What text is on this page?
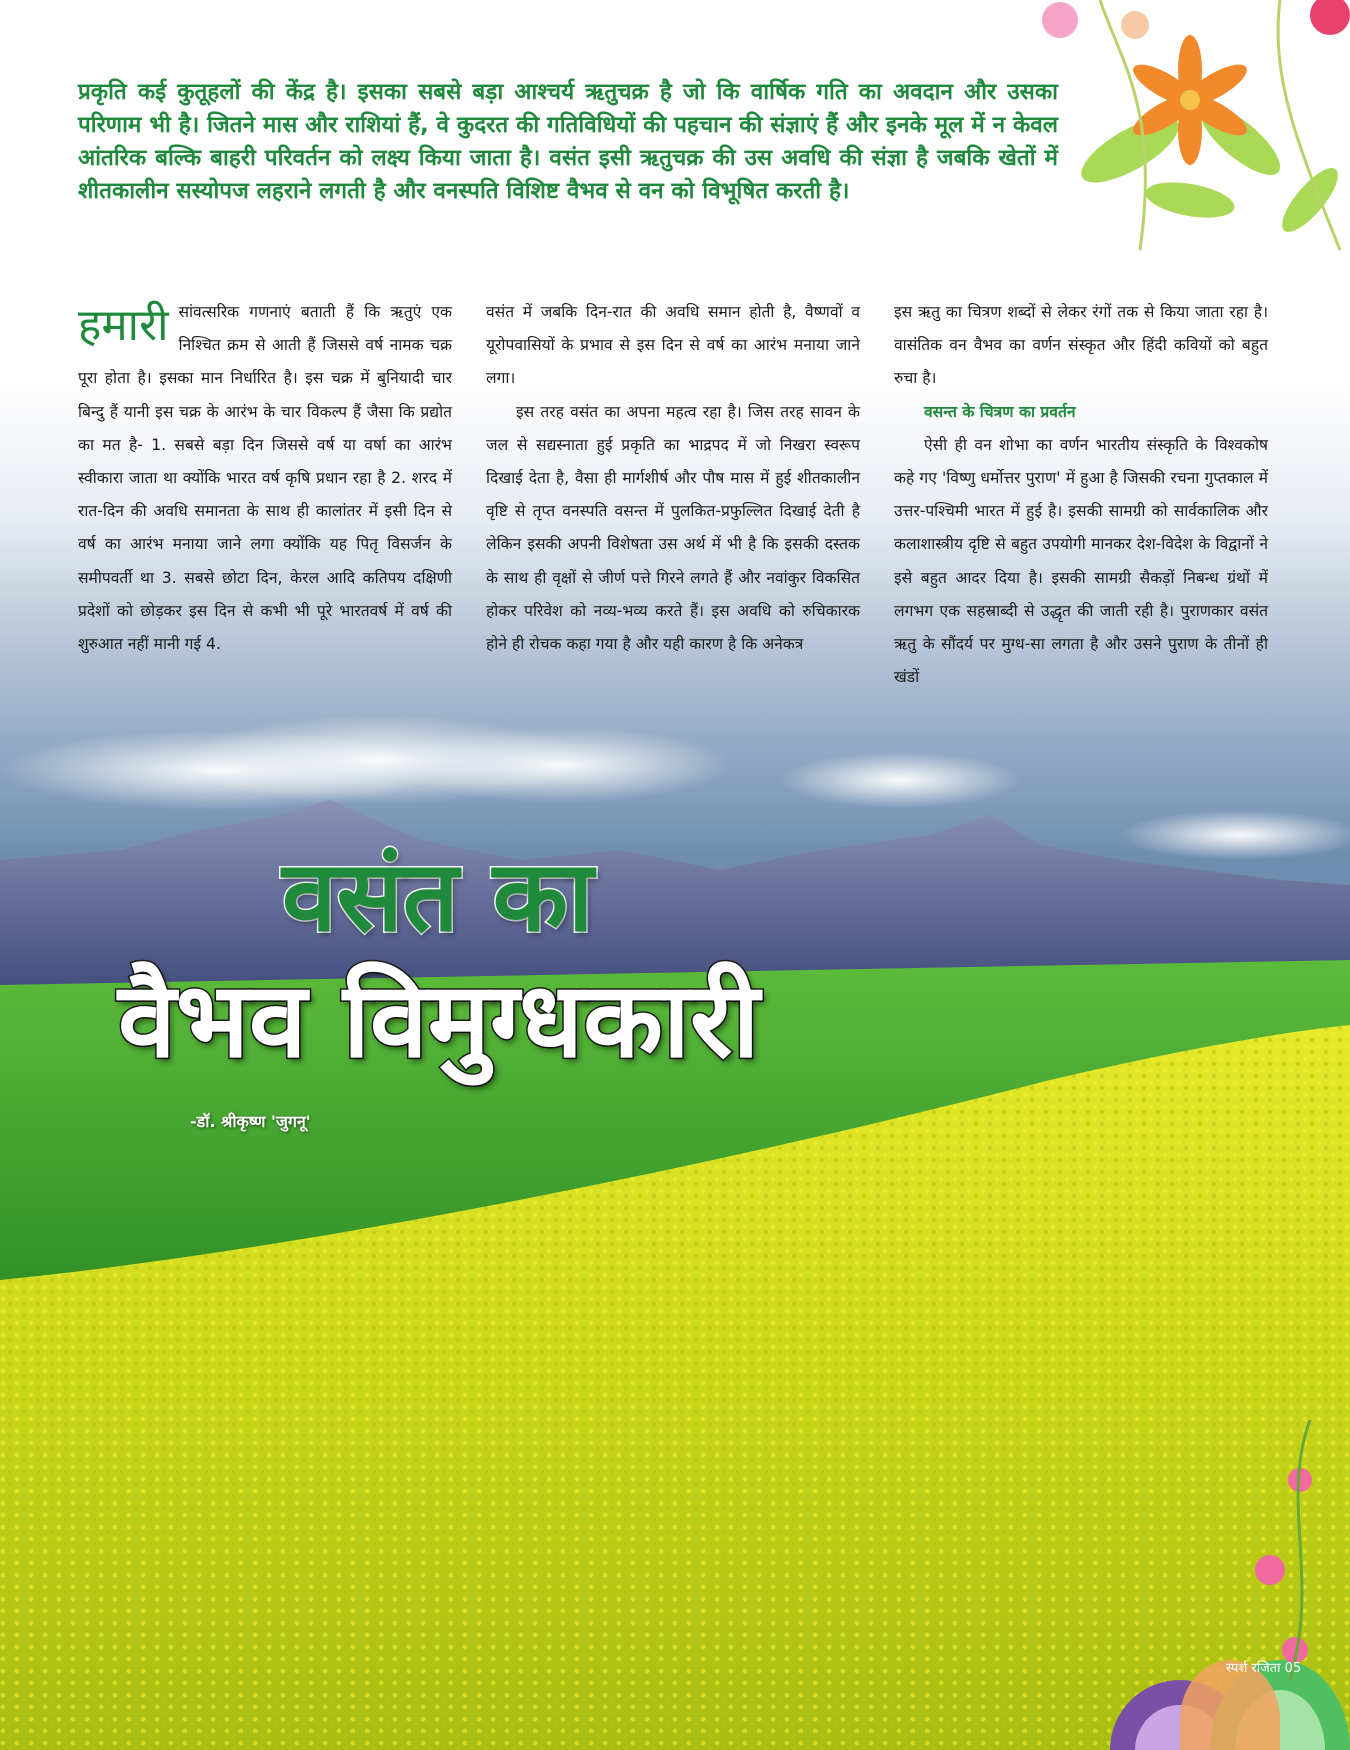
प्रकृति कई कुतूहलों की केंद्र है। इसका सबसे बड़ा आश्चर्य ऋतुचक्र है जो कि वार्षिक गति का अवदान और उसका परिणाम भी है। जितने मास और राशियां हैं, वे कुदरत की गतिविधियों की पहचान की संज्ञाएं हैं और इनके मूल में न केवल आंतरिक बल्कि बाहरी परिवर्तन को लक्ष्य किया जाता है। वसंत इसी ऋतुचक्र की उस अवधि की संज्ञा है जबकि खेतों में शीतकालीन सस्योपज लहराने लगती है और वनस्पति विशिष्ट वैभव से वन को विभूषित करती है।

हमारी सांवत्सरिक गणनाएं बताती हैं कि ऋतुएं एक निश्चित क्रम से आती हैं जिससे वर्ष नामक चक्र पूरा होता है। इसका मान निर्धारित है। इस चक्र में बुनियादी चार बिन्दु हैं यानी इस चक्र के आरंभ के चार विकल्प हैं जैसा कि प्रद्योत का मत है- 1. सबसे बड़ा दिन जिससे वर्ष या वर्षा का आरंभ स्वीकारा जाता था क्योंकि भारत वर्ष कृषि प्रधान रहा है 2. शरद में रात-दिन की अवधि समानता के साथ ही कालांतर में इसी दिन से वर्ष का आरंभ मनाया जाने लगा क्योंकि यह पितृ विसर्जन के समीपवर्ती था 3. सबसे छोटा दिन, केरल आदि कतिपय दक्षिणी प्रदेशों को छोड़कर इस दिन से कभी भी पूरे भारतवर्ष में वर्ष की शुरुआत नहीं मानी गई 4.

वसंत में जबकि दिन-रात की अवधि समान होती है, वैष्णवों व यूरोपवासियों के प्रभाव से इस दिन से वर्ष का आरंभ मनाया जाने लगा।

इस तरह वसंत का अपना महत्व रहा है। जिस तरह सावन के जल से सद्यस्नाता हुई प्रकृति का भाद्रपद में जो निखरा स्वरूप दिखाई देता है, वैसा ही मार्गशीर्ष और पौष मास में हुई शीतकालीन वृष्टि से तृप्त वनस्पति वसन्त में पुलकित-प्रफुल्लित दिखाई देती है लेकिन इसकी अपनी विशेषता उस अर्थ में भी है कि इसकी दस्तक के साथ ही वृक्षों से जीर्ण पत्ते गिरने लगते हैं और नवांकुर विकसित होकर परिवेश को नव्य-भव्य करते हैं। इस अवधि को रुचिकारक होने ही रोचक कहा गया है और यही कारण है कि अनेकत्र

इस ऋतु का चित्रण शब्दों से लेकर रंगों तक से किया जाता रहा है। वासंतिक वन वैभव का वर्णन संस्कृत और हिंदी कवियों को बहुत रुचा है।

वसन्त के चित्रण का प्रवर्तन

ऐसी ही वन शोभा का वर्णन भारतीय संस्कृति के विश्वकोष कहे गए 'विष्णु धर्मोत्तर पुराण' में हुआ है जिसकी रचना गुप्तकाल में उत्तर-पश्चिमी भारत में हुई है। इसकी सामग्री को सार्वकालिक और कलाशास्त्रीय दृष्टि से बहुत उपयोगी मानकर देश-विदेश के विद्वानों ने इसे बहुत आदर दिया है। इसकी सामग्री सैकड़ों निबन्ध ग्रंथों में लगभग एक सहस्राब्दी से उद्धृत की जाती रही है। पुराणकार वसंत ऋतु के सौंदर्य पर मुग्ध-सा लगता है और उसने पुराण के तीनों ही खंडों

वसंत का
वैभव विमुग्धकारी
-डॉ. श्रीकृष्ण 'जुगनू'
स्पर्श रजिता 05
